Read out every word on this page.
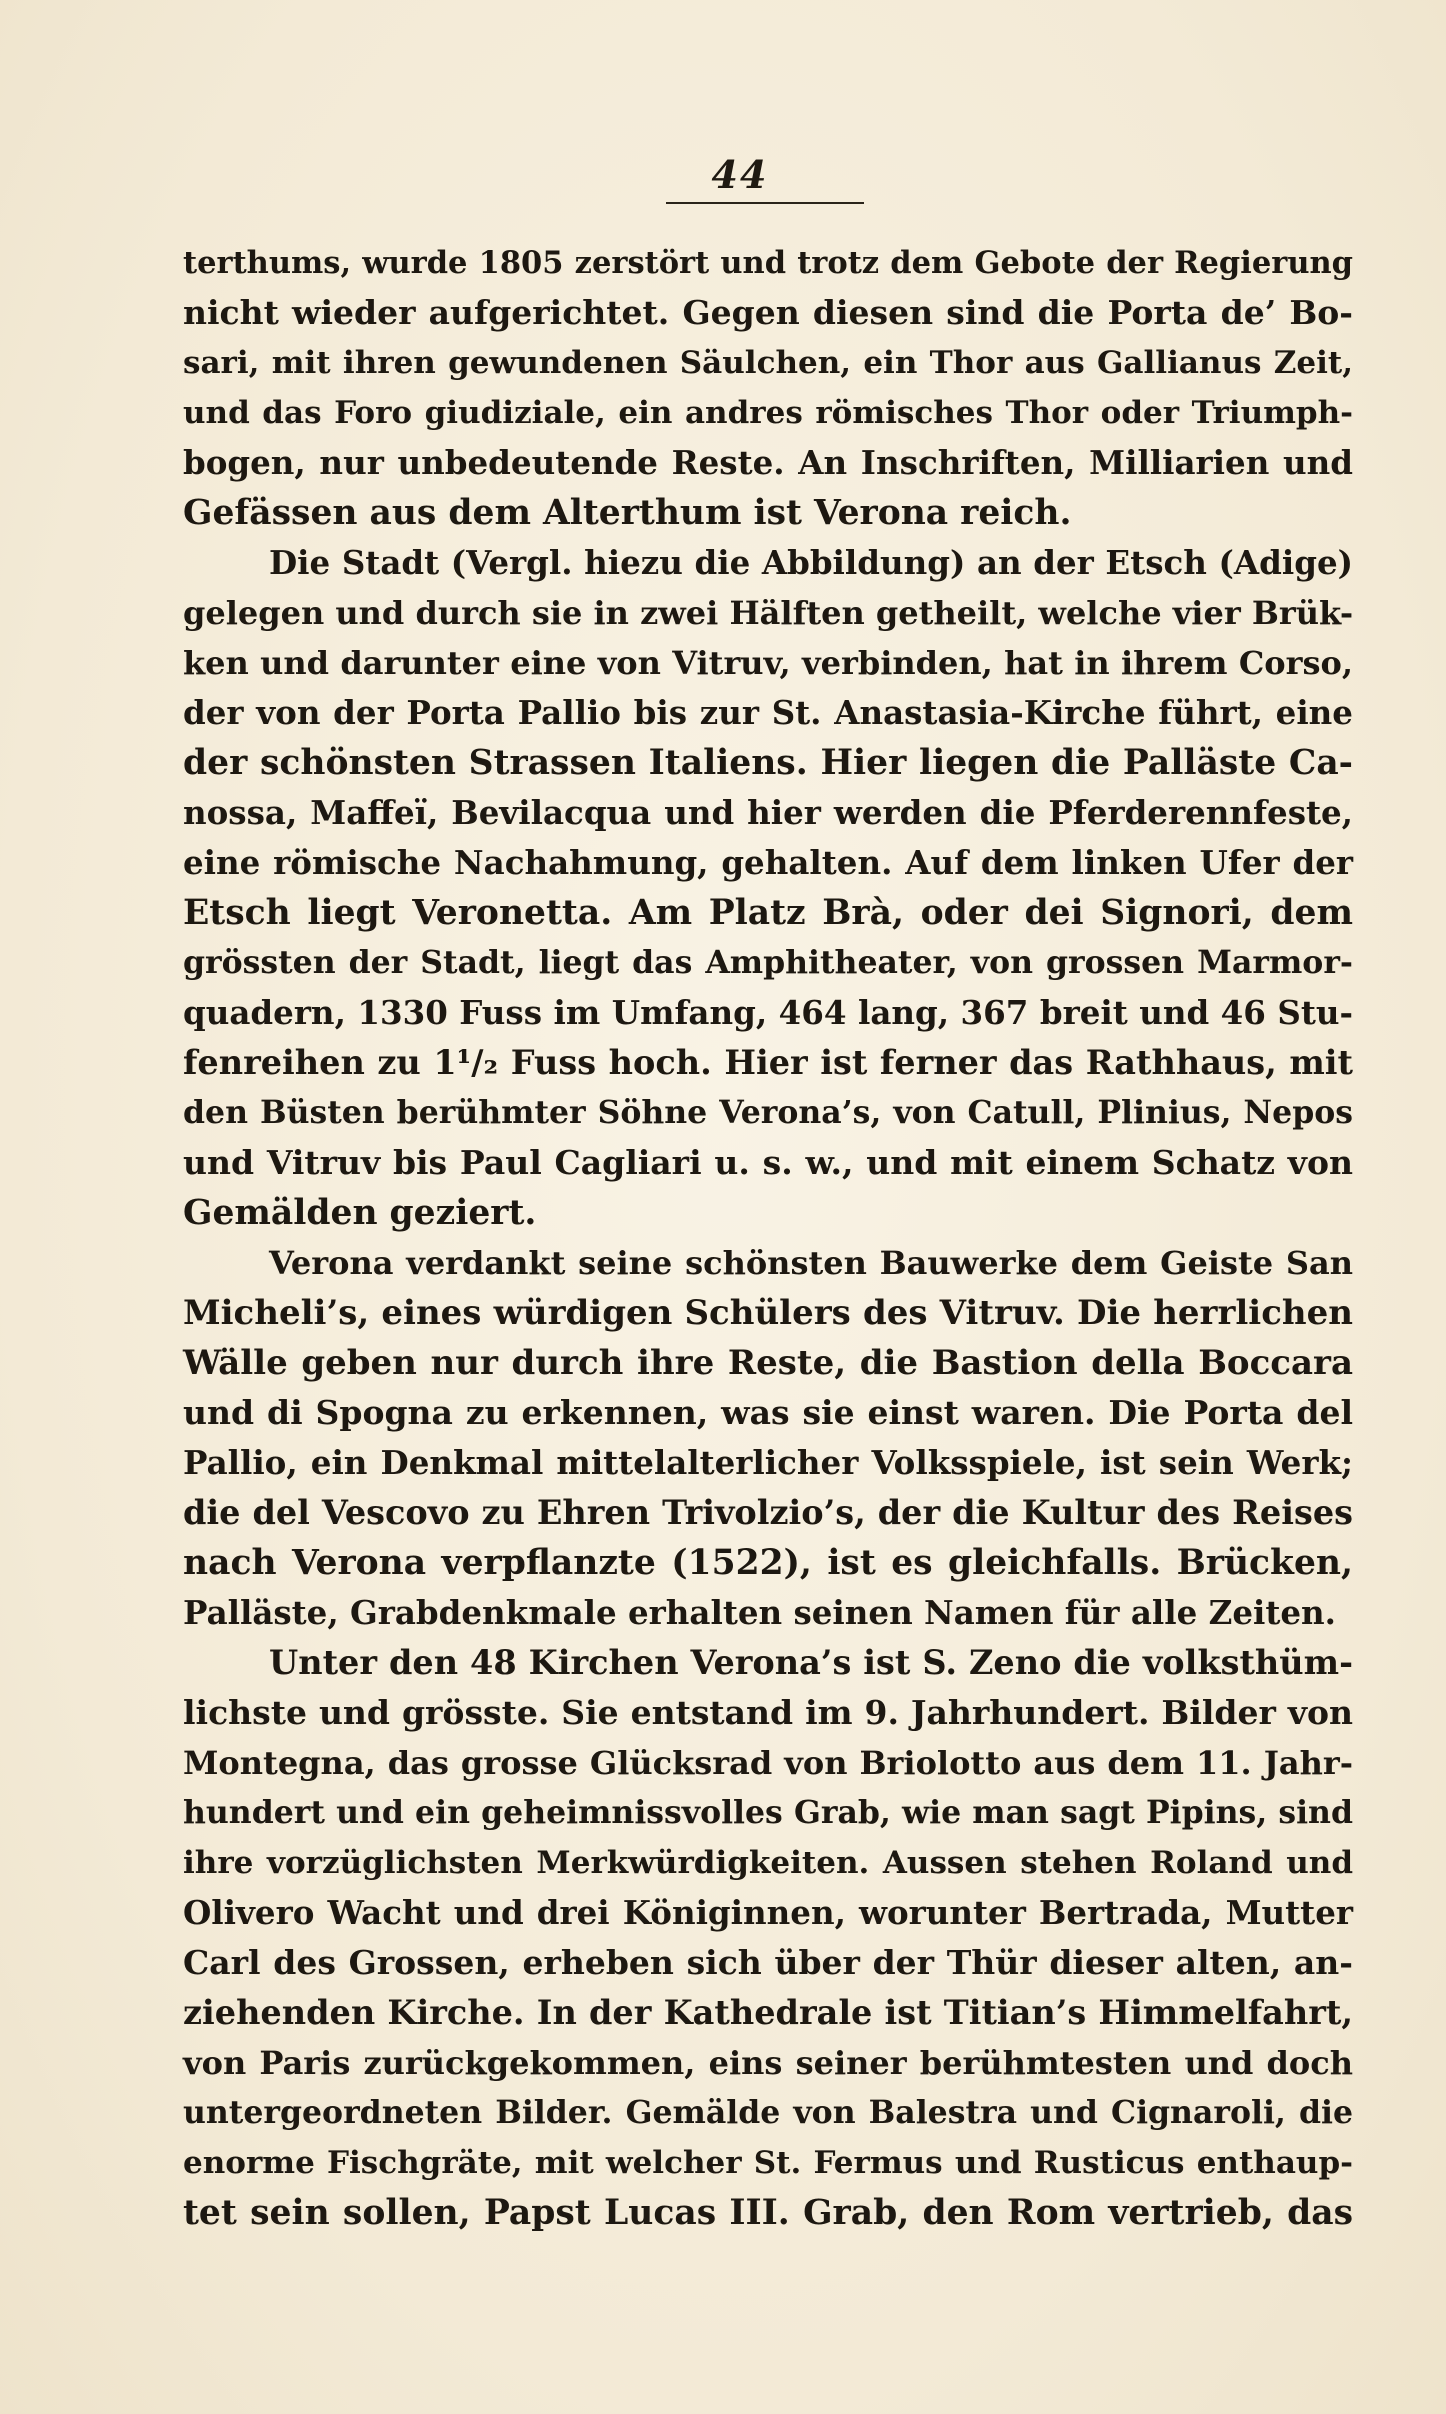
44
terthums, wurde 1805 zerstört und trotz dem Gebote der Regierung
nicht wieder aufgerichtet. Gegen diesen sind die Porta de’ Bo-
sari, mit ihren gewundenen Säulchen, ein Thor aus Gallianus Zeit,
und das Foro giudiziale, ein andres römisches Thor oder Triumph-
bogen, nur unbedeutende Reste. An Inschriften, Milliarien und
Gefässen aus dem Alterthum ist Verona reich.
Die Stadt (Vergl. hiezu die Abbildung) an der Etsch (Adige)
gelegen und durch sie in zwei Hälften getheilt, welche vier Brük-
ken und darunter eine von Vitruv, verbinden, hat in ihrem Corso,
der von der Porta Pallio bis zur St. Anastasia-Kirche führt, eine
der schönsten Strassen Italiens. Hier liegen die Palläste Ca-
nossa, Maffeï, Bevilacqua und hier werden die Pferderennfeste,
eine römische Nachahmung, gehalten. Auf dem linken Ufer der
Etsch liegt Veronetta. Am Platz Brà, oder dei Signori, dem
grössten der Stadt, liegt das Amphitheater, von grossen Marmor-
quadern, 1330 Fuss im Umfang, 464 lang, 367 breit und 46 Stu-
fenreihen zu 1¹/₂ Fuss hoch. Hier ist ferner das Rathhaus, mit
den Büsten berühmter Söhne Verona’s, von Catull, Plinius, Nepos
und Vitruv bis Paul Cagliari u. s. w., und mit einem Schatz von
Gemälden geziert.
Verona verdankt seine schönsten Bauwerke dem Geiste San
Micheli’s, eines würdigen Schülers des Vitruv. Die herrlichen
Wälle geben nur durch ihre Reste, die Bastion della Boccara
und di Spogna zu erkennen, was sie einst waren. Die Porta del
Pallio, ein Denkmal mittelalterlicher Volksspiele, ist sein Werk;
die del Vescovo zu Ehren Trivolzio’s, der die Kultur des Reises
nach Verona verpflanzte (1522), ist es gleichfalls. Brücken,
Palläste, Grabdenkmale erhalten seinen Namen für alle Zeiten.
Unter den 48 Kirchen Verona’s ist S. Zeno die volksthüm-
lichste und grösste. Sie entstand im 9. Jahrhundert. Bilder von
Montegna, das grosse Glücksrad von Briolotto aus dem 11. Jahr-
hundert und ein geheimnissvolles Grab, wie man sagt Pipins, sind
ihre vorzüglichsten Merkwürdigkeiten. Aussen stehen Roland und
Olivero Wacht und drei Königinnen, worunter Bertrada, Mutter
Carl des Grossen, erheben sich über der Thür dieser alten, an-
ziehenden Kirche. In der Kathedrale ist Titian’s Himmelfahrt,
von Paris zurückgekommen, eins seiner berühmtesten und doch
untergeordneten Bilder. Gemälde von Balestra und Cignaroli, die
enorme Fischgräte, mit welcher St. Fermus und Rusticus enthaup-
tet sein sollen, Papst Lucas III. Grab, den Rom vertrieb, das
